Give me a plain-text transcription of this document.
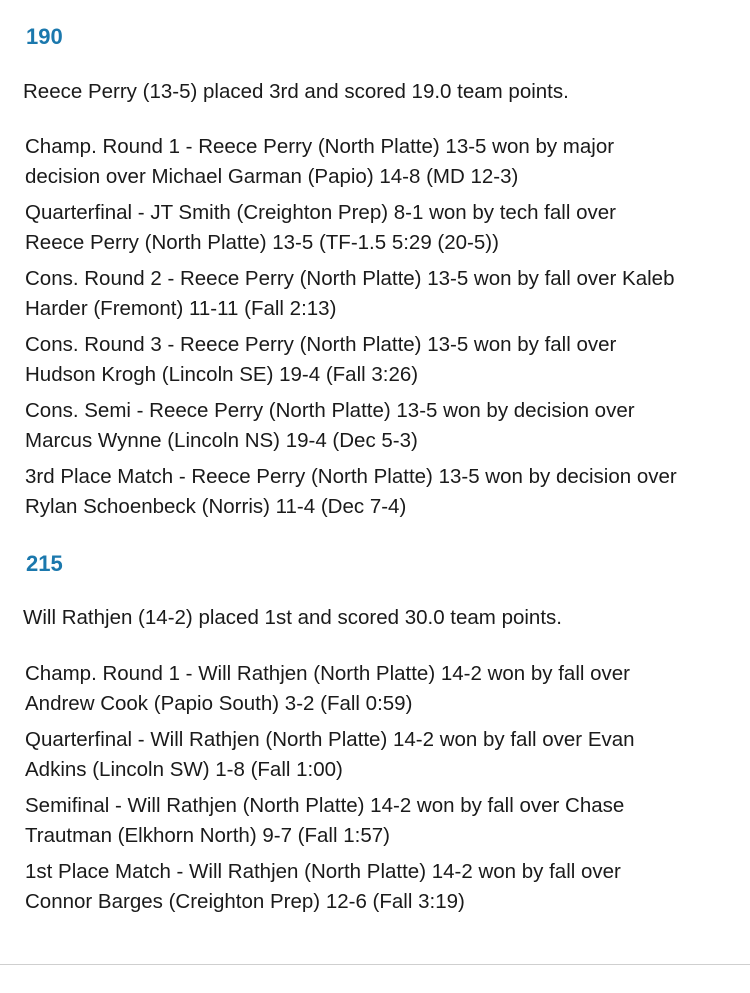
190

Reece Perry (13-5) placed 3rd and scored 19.0 team points.

Champ. Round 1 - Reece Perry (North Platte) 13-5 won by major
decision over Michael Garman (Papio) 14-8 (MD 12-3)
Quarterfinal - JT Smith (Creighton Prep) 8-1 won by tech fall over
Reece Perry (North Platte) 13-5 (TF-1.5 5:29 (20-5))
Cons. Round 2 - Reece Perry (North Platte) 13-5 won by fall over Kaleb
Harder (Fremont) 11-11 (Fall 2:13)
Cons. Round 3 - Reece Perry (North Platte) 13-5 won by fall over
Hudson Krogh (Lincoln SE) 19-4 (Fall 3:26)
Cons. Semi - Reece Perry (North Platte) 13-5 won by decision over
Marcus Wynne (Lincoln NS) 19-4 (Dec 5-3)
3rd Place Match - Reece Perry (North Platte) 13-5 won by decision over
Rylan Schoenbeck (Norris) 11-4 (Dec 7-4)
215

Will Rathjen (14-2) placed 1st and scored 30.0 team points.

Champ. Round 1 - Will Rathjen (North Platte) 14-2 won by fall over
Andrew Cook (Papio South) 3-2 (Fall 0:59)
Quarterfinal - Will Rathjen (North Platte) 14-2 won by fall over Evan
Adkins (Lincoln SW) 1-8 (Fall 1:00)
Semifinal - Will Rathjen (North Platte) 14-2 won by fall over Chase
Trautman (Elkhorn North) 9-7 (Fall 1:57)
1st Place Match - Will Rathjen (North Platte) 14-2 won by fall over
Connor Barges (Creighton Prep) 12-6 (Fall 3:19)
